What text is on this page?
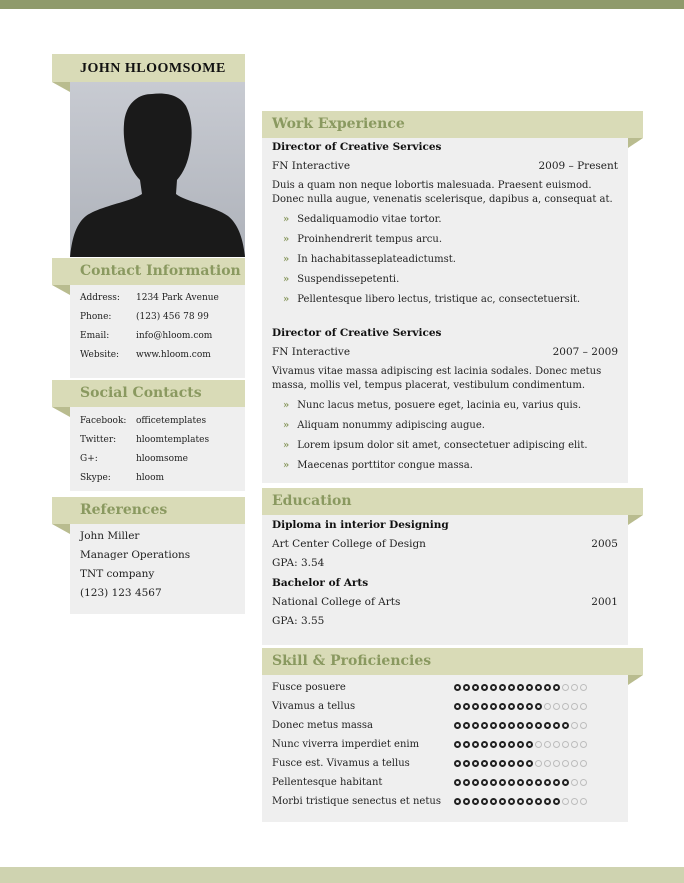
JOHN HLOOMSOME
Contact Information
Address:	1234 Park Avenue
Phone:	(123) 456 78 99
Email:	info@hloom.com
Website:	www.hloom.com
Social Contacts
Facebook:	officetemplates
Twitter:	hloomtemplates
G+:	hloomsome
Skype:	hloom
References
John Miller
Manager Operations
TNT company
(123) 123 4567
Work Experience
Director of Creative Services
FN Interactive	2009 – Present
Duis a quam non neque lobortis malesuada. Praesent euismod.
Donec nulla augue, venenatis scelerisque, dapibus a, consequat at.
» Sedaliquamodio vitae tortor.
» Proinhendrerit tempus arcu.
» In hachabitasseplateadictumst.
» Suspendissepetenti.
» Pellentesque libero lectus, tristique ac, consectetuersit.
Director of Creative Services
FN Interactive	2007 – 2009
Vivamus vitae massa adipiscing est lacinia sodales. Donec metus
massa, mollis vel, tempus placerat, vestibulum condimentum.
» Nunc lacus metus, posuere eget, lacinia eu, varius quis.
» Aliquam nonummy adipiscing augue.
» Lorem ipsum dolor sit amet, consectetuer adipiscing elit.
» Maecenas porttitor congue massa.
Education
Diploma in interior Designing
Art Center College of Design	2005
GPA: 3.54
Bachelor of Arts
National College of Arts	2001
GPA: 3.55
Skill & Proficiencies
Fusce posuere
Vivamus a tellus
Donec metus massa
Nunc viverra imperdiet enim
Fusce est. Vivamus a tellus
Pellentesque habitant
Morbi tristique senectus et netus
